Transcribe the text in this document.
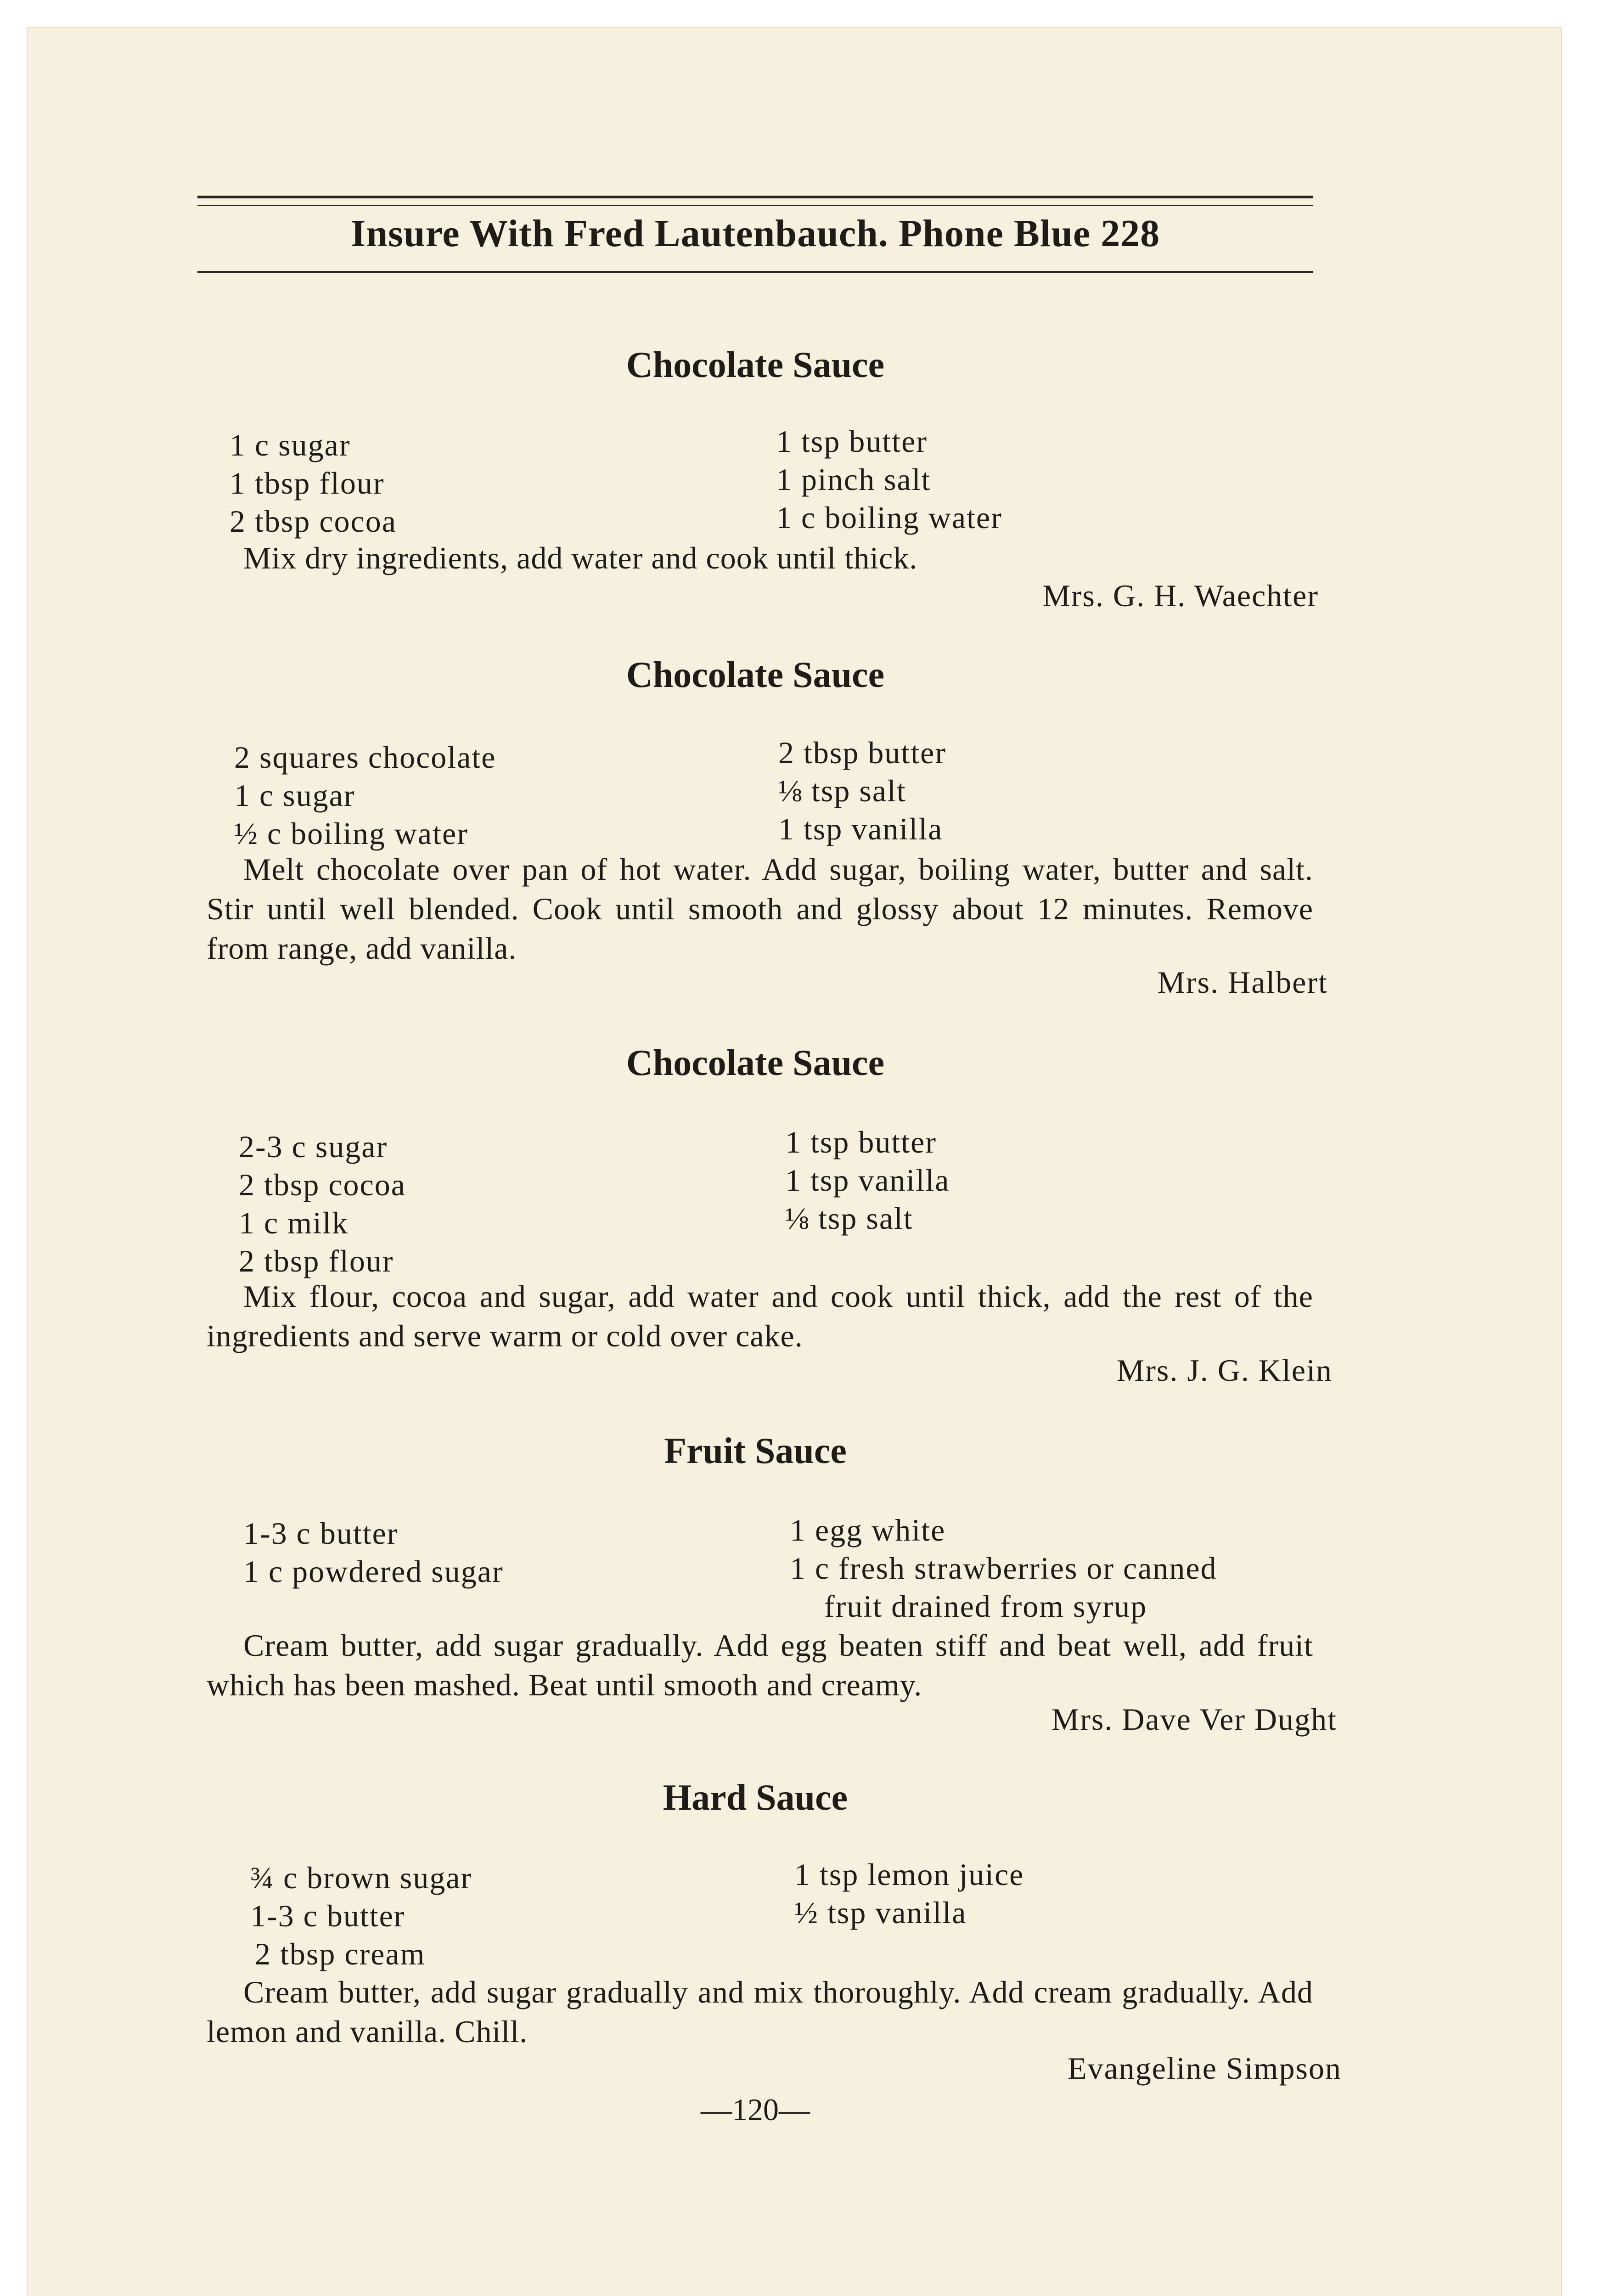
Insure With Fred Lautenbauch. Phone Blue 228
Chocolate Sauce
1 c sugar
1 tbsp flour
2 tbsp cocoa
1 tsp butter
1 pinch salt
1 c boiling water
Mix dry ingredients, add water and cook until thick.
Mrs. G. H. Waechter
Chocolate Sauce
2 squares chocolate
1 c sugar
½ c boiling water
2 tbsp butter
⅛ tsp salt
1 tsp vanilla
Melt chocolate over pan of hot water. Add sugar, boiling water, butter and salt. Stir until well blended. Cook until smooth and glossy about 12 minutes. Remove from range, add vanilla.
Mrs. Halbert
Chocolate Sauce
2-3 c sugar
2 tbsp cocoa
1 c milk
2 tbsp flour
1 tsp butter
1 tsp vanilla
⅛ tsp salt
Mix flour, cocoa and sugar, add water and cook until thick, add the rest of the ingredients and serve warm or cold over cake.
Mrs. J. G. Klein
Fruit Sauce
1-3 c butter
1 c powdered sugar
1 egg white
1 c fresh strawberries or canned
fruit drained from syrup
Cream butter, add sugar gradually. Add egg beaten stiff and beat well, add fruit which has been mashed. Beat until smooth and creamy.
Mrs. Dave Ver Dught
Hard Sauce
¾ c brown sugar
1-3 c butter
2 tbsp cream
1 tsp lemon juice
½ tsp vanilla
Cream butter, add sugar gradually and mix thoroughly. Add cream gradually. Add lemon and vanilla. Chill.
Evangeline Simpson
—120—
